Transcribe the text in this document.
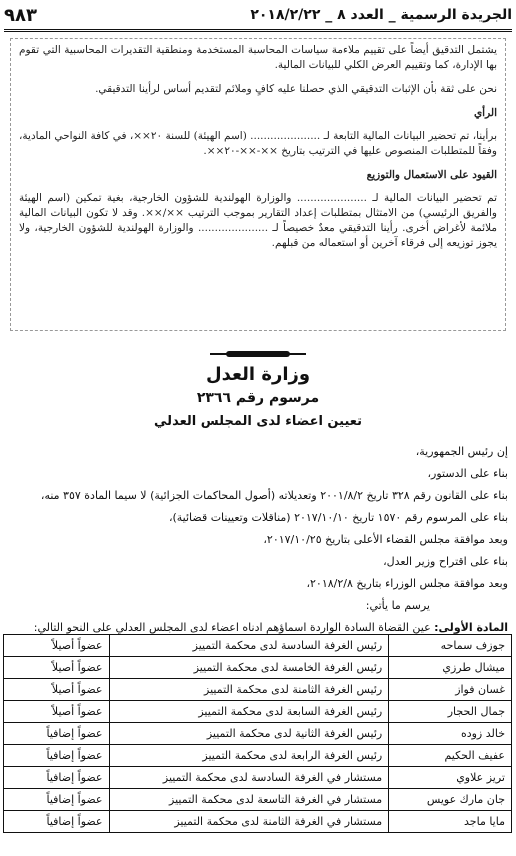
الجريدة الرسمية _ العدد ٨ _ ٢٠١٨/٢/٢٢
٩٨٣

يشتمل التدقيق أيضاً على تقييم ملاءمة سياسات المحاسبة المستخدمة ومنطقية التقديرات المحاسبية التي تقوم بها الإدارة، كما وتقييم العرض الكلي للبيانات المالية.

نحن على ثقة بأن الإثبات التدقيقي الذي حصلنا عليه كافٍ وملائم لتقديم أساس لرأينا التدقيقي.

الرأي

برأينا، تم تحضير البيانات المالية التابعة لـ ..................... (اسم الهيئة) للسنة ٢٠××، في كافة النواحي المادية، وفقاً للمتطلبات المنصوص عليها في الترتيب بتاريخ ××-××-٢٠××.

القيود على الاستعمال والتوزيع

تم تحضير البيانات المالية لـ ..................... والوزارة الهولندية للشؤون الخارجية، بغية تمكين (اسم الهيئة والفريق الرئيسي) من الامتثال بمتطلبات إعداد التقارير بموجب الترتيب ××/××. وقد لا تكون البيانات المالية ملائمة لأغراض أخرى. رأينا التدقيقي معدٌ خصيصاً لـ ..................... والوزارة الهولندية للشؤون الخارجية، ولا يجوز توزيعه إلى فرقاء آخرين أو استعماله من قبلهم.

وزارة العدل
مرسوم رقم ٢٣٦٦
تعيين اعضاء لدى المجلس العدلي
إن رئيس الجمهورية،
بناء على الدستور،
بناء على القانون رقم ٣٢٨ تاريخ ٢٠٠١/٨/٢ وتعديلاته (أصول المحاكمات الجزائية) لا سيما المادة ٣٥٧ منه،
بناء على المرسوم رقم ١٥٧٠ تاريخ ٢٠١٧/١٠/١٠ (مناقلات وتعيينات قضائية)،
وبعد موافقة مجلس القضاء الأعلى بتاريخ ٢٠١٧/١٠/٢٥،
بناء على اقتراح وزير العدل،
وبعد موافقة مجلس الوزراء بتاريخ ٢٠١٨/٢/٨،
يرسم ما يأتي:
المادة الأولى: عين القضاة السادة الواردة اسماؤهم ادناه اعضاء لدى المجلس العدلي على النحو التالي:
جوزف سماحه	رئيس الغرفة السادسة لدى محكمة التمييز	عضواً أصيلاً
ميشال طرزي	رئيس الغرفة الخامسة لدى محكمة التمييز	عضواً أصيلاً
غسان فواز	رئيس الغرفة الثامنة لدى محكمة التمييز	عضواً أصيلاً
جمال الحجار	رئيس الغرفة السابعة لدى محكمة التمييز	عضواً أصيلاً
خالد زوده	رئيس الغرفة الثانية لدى محكمة التمييز	عضواً إضافياً
عفيف الحكيم	رئيس الغرفة الرابعة لدى محكمة التمييز	عضواً إضافياً
تريز علاوي	مستشار في الغرفة السادسة لدى محكمة التمييز	عضواً إضافياً
جان مارك عويس	مستشار في الغرفة التاسعة لدى محكمة التمييز	عضواً إضافياً
مايا ماجد	مستشار في الغرفة الثامنة لدى محكمة التمييز	عضواً إضافياً
